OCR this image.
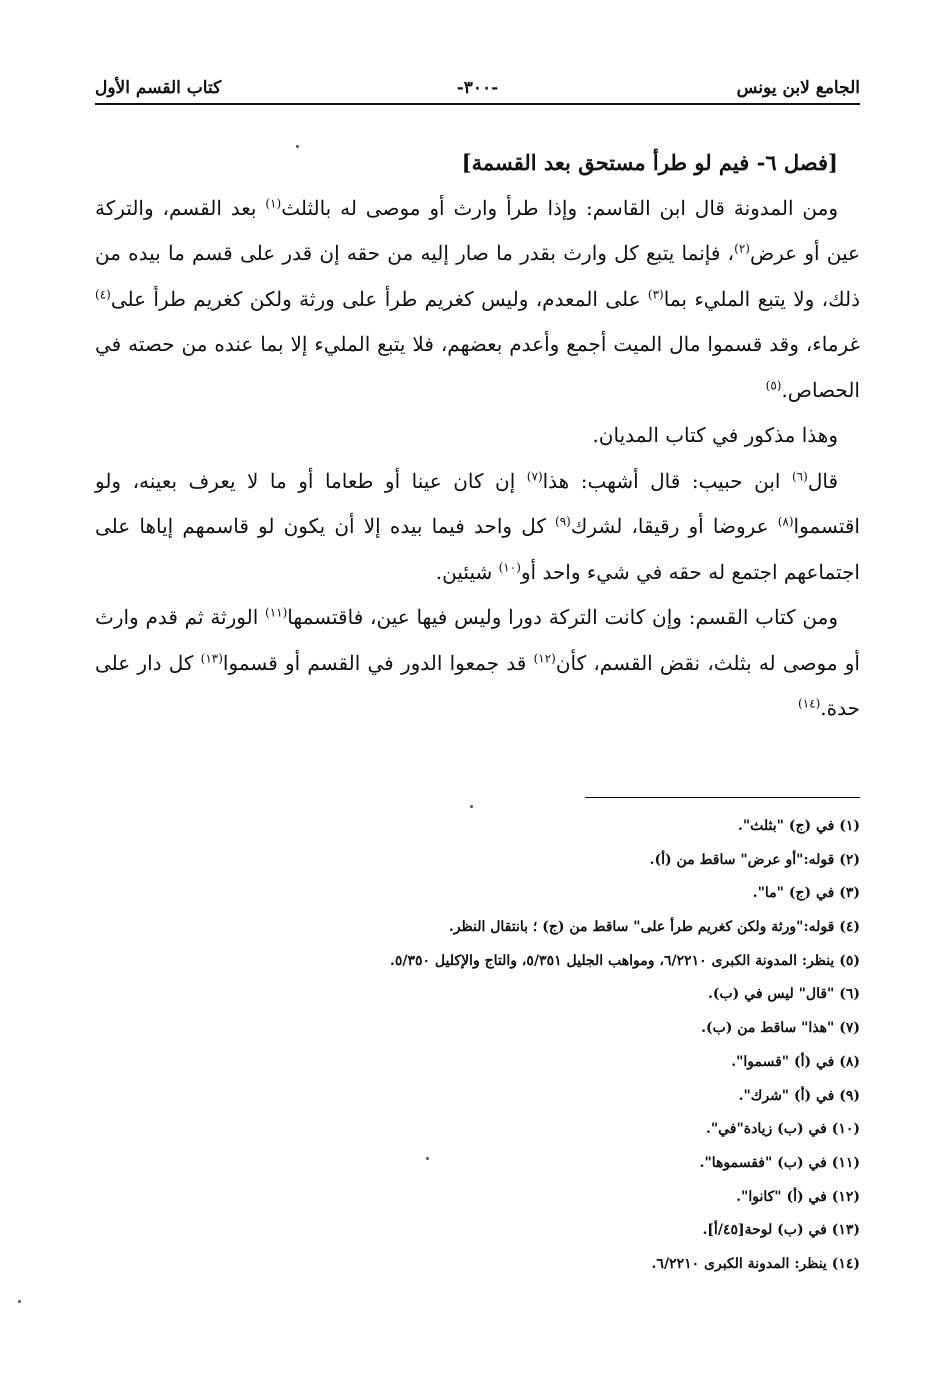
الجامع لابن يونس
-٣٠٠-
كتاب القسم الأول

[فصل ٦- فيم لو طرأ مستحق بعد القسمة]

ومن المدونة قال ابن القاسم: وإذا طرأ وارث أو موصى له بالثلث$^{(١)}$ بعد القسم، والتركة عين أو عرض$^{(٢)}$، فإنما يتبع كل وارث بقدر ما صار إليه من حقه إن قدر على قسم ما بيده من ذلك، ولا يتبع المليء بما$^{(٣)}$ على المعدم، وليس كغريم طرأ على ورثة ولكن كغريم طرأ على$^{(٤)}$ غرماء، وقد قسموا مال الميت أجمع وأعدم بعضهم، فلا يتبع المليء إلا بما عنده من حصته في الحصاص.$^{(٥)}$

وهذا مذكور في كتاب المديان.

قال$^{(٦)}$ ابن حبيب: قال أشهب: هذا$^{(٧)}$ إن كان عينا أو طعاما أو ما لا يعرف بعينه، ولو اقتسموا$^{(٨)}$ عروضا أو رقيقا، لشرك$^{(٩)}$ كل واحد فيما بيده إلا أن يكون لو قاسمهم إياها على اجتماعهم اجتمع له حقه في شيء واحد أو$^{(١٠)}$ شيئين.

ومن كتاب القسم: وإن كانت التركة دورا وليس فيها عين، فاقتسمها$^{(١١)}$ الورثة ثم قدم وارث أو موصى له بثلث، نقض القسم، كأن$^{(١٢)}$ قد جمعوا الدور في القسم أو قسموا$^{(١٣)}$ كل دار على حدة.$^{(١٤)}$

(١) في (ج) "بثلث".
(٢) قوله:"أو عرض" ساقط من (أ).
(٣) في (ج) "ما".
(٤) قوله:"ورثة ولكن كغريم طرأ على" ساقط من (ج) ؛ بانتقال النظر.
(٥) ينظر: المدونة الكبرى ٦/٢٢١٠، ومواهب الجليل ٥/٣٥١، والتاج والإكليل ٥/٣٥٠.
(٦) "قال" ليس في (ب).
(٧) "هذا" ساقط من (ب).
(٨) في (أ) "قسموا".
(٩) في (أ) "شرك".
(١٠) في (ب) زيادة"في".
(١١) في (ب) "فقسموها".
(١٢) في (أ) "كانوا".
(١٣) في (ب) لوحة[٤٥/أ].
(١٤) ينظر: المدونة الكبرى ٦/٢٢١٠.
